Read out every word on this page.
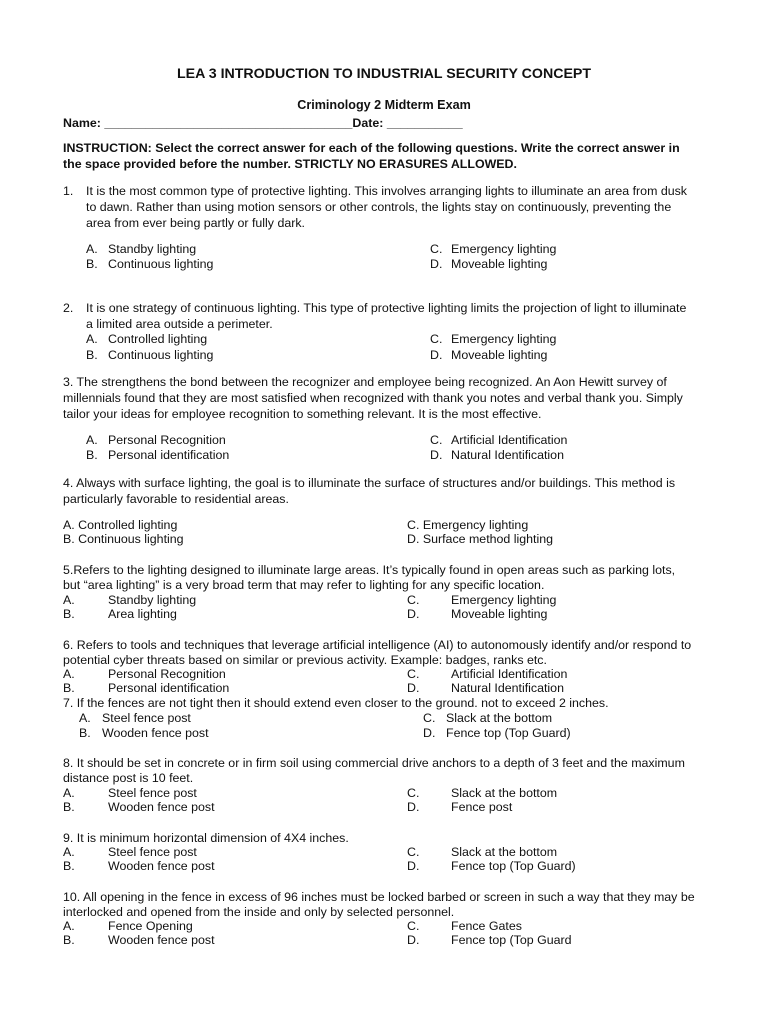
LEA 3 INTRODUCTION TO INDUSTRIAL SECURITY CONCEPT
Criminology 2 Midterm Exam
Name: ____________________________________Date: ___________
INSTRUCTION: Select the correct answer for each of the following questions. Write the correct answer in
the space provided before the number. STRICTLY NO ERASURES ALLOWED.
1. It is the most common type of protective lighting. This involves arranging lights to illuminate an area from dusk
to dawn. Rather than using motion sensors or other controls, the lights stay on continuously, preventing the
area from ever being partly or fully dark.
A. Standby lighting
B. Continuous lighting
C. Emergency lighting
D. Moveable lighting
2. It is one strategy of continuous lighting. This type of protective lighting limits the projection of light to illuminate
a limited area outside a perimeter.
A. Controlled lighting
B. Continuous lighting
C. Emergency lighting
D. Moveable lighting
3. The strengthens the bond between the recognizer and employee being recognized. An Aon Hewitt survey of
millennials found that they are most satisfied when recognized with thank you notes and verbal thank you. Simply
tailor your ideas for employee recognition to something relevant. It is the most effective.
A. Personal Recognition
B. Personal identification
C. Artificial Identification
D. Natural Identification
4. Always with surface lighting, the goal is to illuminate the surface of structures and/or buildings. This method is
particularly favorable to residential areas.
A. Controlled lighting
B. Continuous lighting
C. Emergency lighting
D. Surface method lighting
5.Refers to the lighting designed to illuminate large areas. It’s typically found in open areas such as parking lots,
but “area lighting” is a very broad term that may refer to lighting for any specific location.
A.	Standby lighting
B.	Area lighting
C.	Emergency lighting
D.	Moveable lighting
6. Refers to tools and techniques that leverage artificial intelligence (AI) to autonomously identify and/or respond to
potential cyber threats based on similar or previous activity. Example: badges, ranks etc.
A.	Personal Recognition
B.	Personal identification
C.	Artificial Identification
D.	Natural Identification
7. If the fences are not tight then it should extend even closer to the ground. not to exceed 2 inches.
A. Steel fence post
B. Wooden fence post
C. Slack at the bottom
D. Fence top (Top Guard)
8. It should be set in concrete or in firm soil using commercial drive anchors to a depth of 3 feet and the maximum
distance post is 10 feet.
A.	Steel fence post
B.	Wooden fence post
C.	Slack at the bottom
D.	Fence post
9. It is minimum horizontal dimension of 4X4 inches.
A.	Steel fence post
B.	Wooden fence post
C.	Slack at the bottom
D.	Fence top (Top Guard)
10. All opening in the fence in excess of 96 inches must be locked barbed or screen in such a way that they may be
interlocked and opened from the inside and only by selected personnel.
A.	Fence Opening
B.	Wooden fence post
C.	Fence Gates
D.	Fence top (Top Guard
